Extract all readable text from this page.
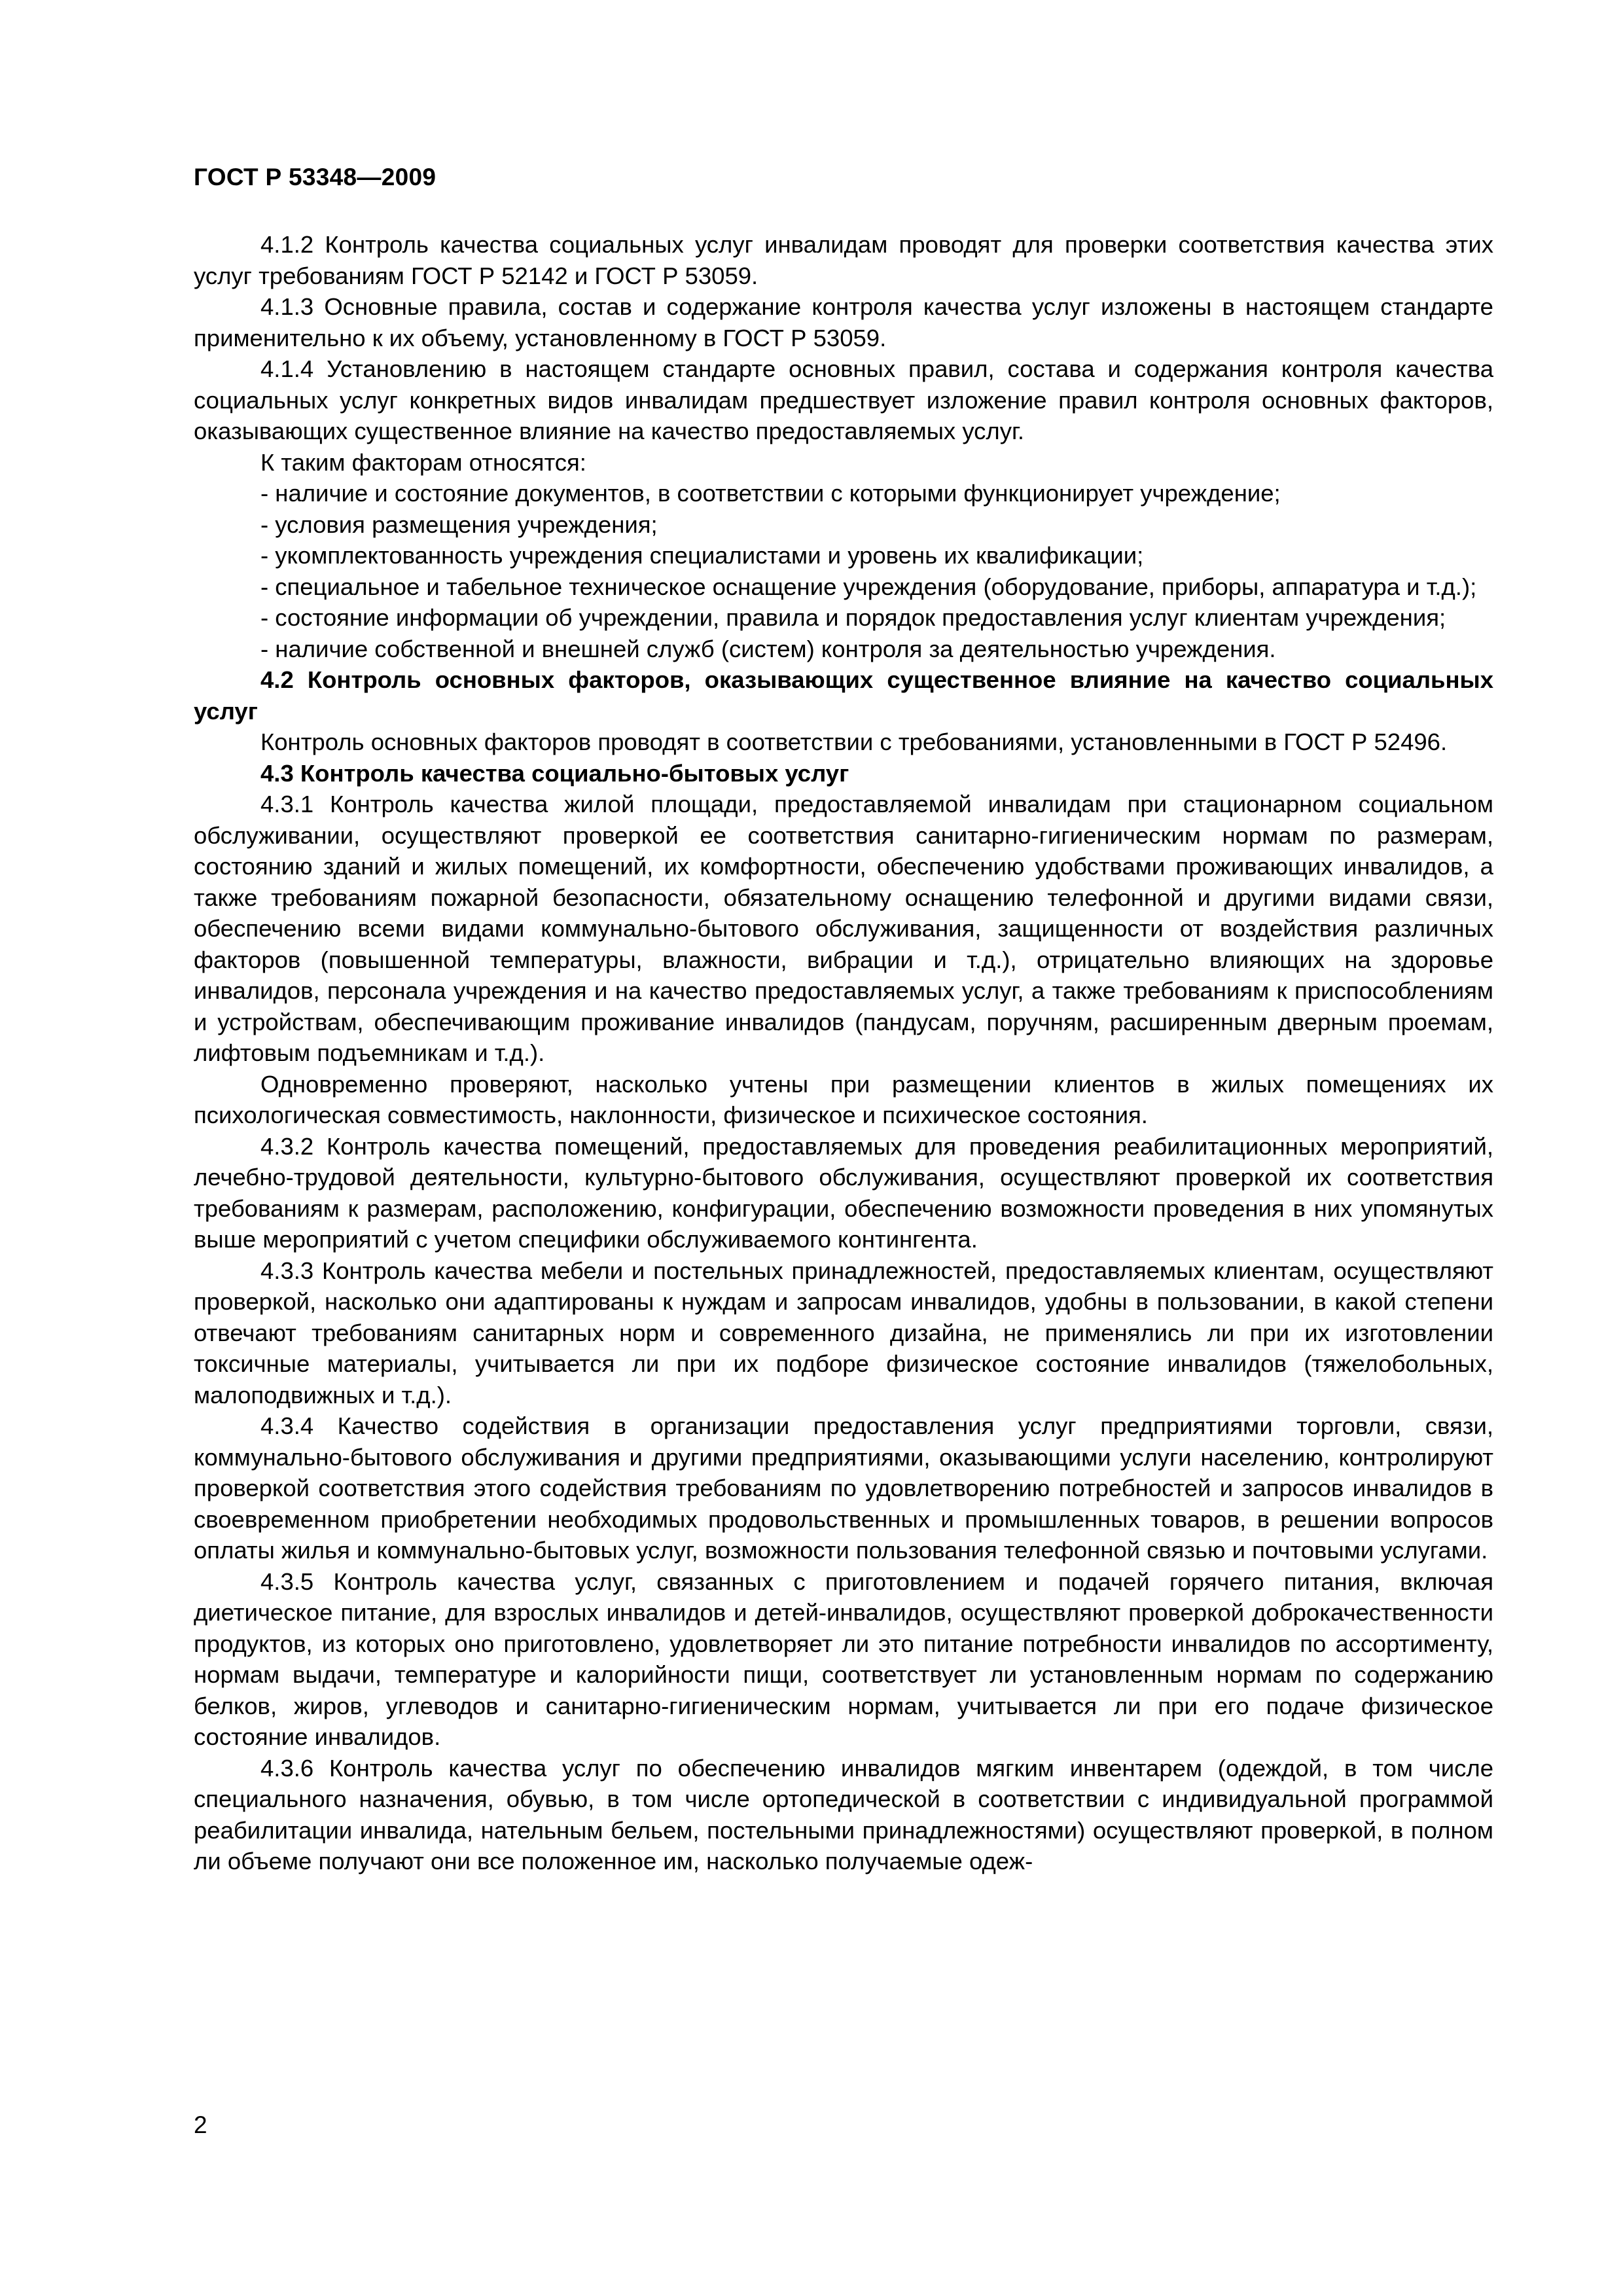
ГОСТ Р 53348—2009

4.1.2 Контроль качества социальных услуг инвалидам проводят для проверки соответствия качества этих услуг требованиям ГОСТ Р 52142 и ГОСТ Р 53059.

4.1.3 Основные правила, состав и содержание контроля качества услуг изложены в настоящем стандарте применительно к их объему, установленному в ГОСТ Р 53059.

4.1.4 Установлению в настоящем стандарте основных правил, состава и содержания контроля качества социальных услуг конкретных видов инвалидам предшествует изложение правил контроля основных факторов, оказывающих существенное влияние на качество предоставляемых услуг.

К таким факторам относятся:

- наличие и состояние документов, в соответствии с которыми функционирует учреждение;

- условия размещения учреждения;

- укомплектованность учреждения специалистами и уровень их квалификации;

- специальное и табельное техническое оснащение учреждения (оборудование, приборы, аппаратура и т.д.);

- состояние информации об учреждении, правила и порядок предоставления услуг клиентам учреждения;

- наличие собственной и внешней служб (систем) контроля за деятельностью учреждения.

4.2 Контроль основных факторов, оказывающих существенное влияние на качество социальных услуг

Контроль основных факторов проводят в соответствии с требованиями, установленными в ГОСТ Р 52496.

4.3 Контроль качества социально-бытовых услуг

4.3.1 Контроль качества жилой площади, предоставляемой инвалидам при стационарном социальном обслуживании, осуществляют проверкой ее соответствия санитарно-гигиеническим нормам по размерам, состоянию зданий и жилых помещений, их комфортности, обеспечению удобствами проживающих инвалидов, а также требованиям пожарной безопасности, обязательному оснащению телефонной и другими видами связи, обеспечению всеми видами коммунально-бытового обслуживания, защищенности от воздействия различных факторов (повышенной температуры, влажности, вибрации и т.д.), отрицательно влияющих на здоровье инвалидов, персонала учреждения и на качество предоставляемых услуг, а также требованиям к приспособлениям и устройствам, обеспечивающим проживание инвалидов (пандусам, поручням, расширенным дверным проемам, лифтовым подъемникам и т.д.).

Одновременно проверяют, насколько учтены при размещении клиентов в жилых помещениях их психологическая совместимость, наклонности, физическое и психическое состояния.

4.3.2 Контроль качества помещений, предоставляемых для проведения реабилитационных мероприятий, лечебно-трудовой деятельности, культурно-бытового обслуживания, осуществляют проверкой их соответствия требованиям к размерам, расположению, конфигурации, обеспечению возможности проведения в них упомянутых выше мероприятий с учетом специфики обслуживаемого контингента.

4.3.3 Контроль качества мебели и постельных принадлежностей, предоставляемых клиентам, осуществляют проверкой, насколько они адаптированы к нуждам и запросам инвалидов, удобны в пользовании, в какой степени отвечают требованиям санитарных норм и современного дизайна, не применялись ли при их изготовлении токсичные материалы, учитывается ли при их подборе физическое состояние инвалидов (тяжелобольных, малоподвижных и т.д.).

4.3.4 Качество содействия в организации предоставления услуг предприятиями торговли, связи, коммунально-бытового обслуживания и другими предприятиями, оказывающими услуги населению, контролируют проверкой соответствия этого содействия требованиям по удовлетворению потребностей и запросов инвалидов в своевременном приобретении необходимых продовольственных и промышленных товаров, в решении вопросов оплаты жилья и коммунально-бытовых услуг, возможности пользования телефонной связью и почтовыми услугами.

4.3.5 Контроль качества услуг, связанных с приготовлением и подачей горячего питания, включая диетическое питание, для взрослых инвалидов и детей-инвалидов, осуществляют проверкой доброкачественности продуктов, из которых оно приготовлено, удовлетворяет ли это питание потребности инвалидов по ассортименту, нормам выдачи, температуре и калорийности пищи, соответствует ли установленным нормам по содержанию белков, жиров, углеводов и санитарно-гигиеническим нормам, учитывается ли при его подаче физическое состояние инвалидов.

4.3.6 Контроль качества услуг по обеспечению инвалидов мягким инвентарем (одеждой, в том числе специального назначения, обувью, в том числе ортопедической в соответствии с индивидуальной программой реабилитации инвалида, нательным бельем, постельными принадлежностями) осуществляют проверкой, в полном ли объеме получают они все положенное им, насколько получаемые одеж-

2
